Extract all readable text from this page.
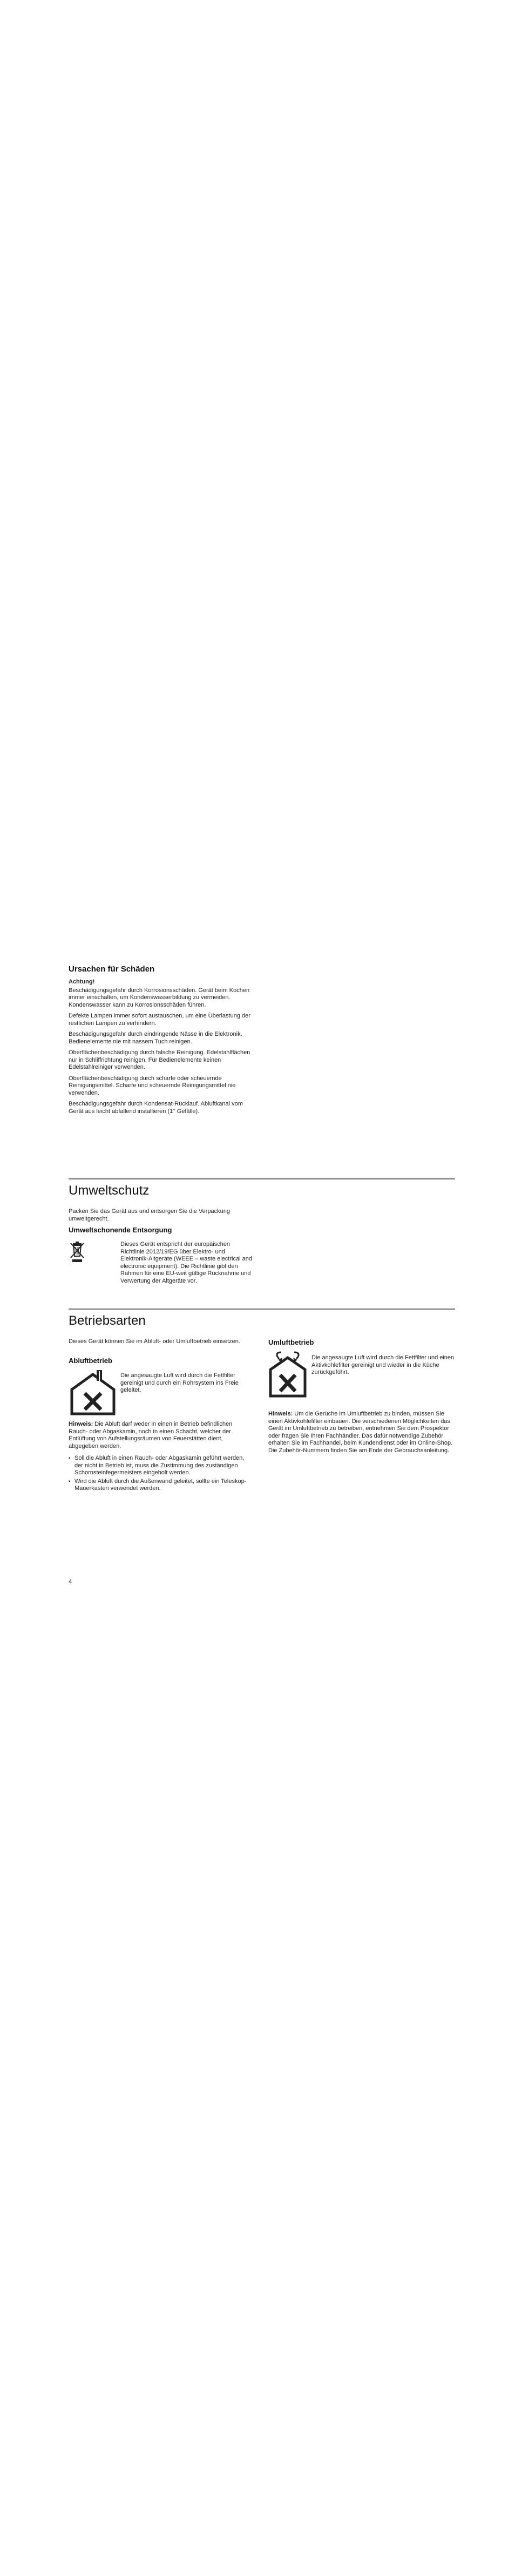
Ursachen für Schäden
Achtung!

Beschädigungsgefahr durch Korrosionsschäden. Gerät beim Kochen immer einschalten, um Kondenswasserbildung zu vermeiden. Kondenswasser kann zu Korrosionsschäden führen.

Defekte Lampen immer sofort austauschen, um eine Überlastung der restlichen Lampen zu verhindern.

Beschädigungsgefahr durch eindringende Nässe in die Elektronik. Bedienelemente nie mit nassem Tuch reinigen.

Oberflächenbeschädigung durch falsche Reinigung. Edelstahlflächen nur in Schliffrichtung reinigen. Für Bedienelemente keinen Edelstahlreiniger verwenden.

Oberflächenbeschädigung durch scharfe oder scheuernde Reinigungsmittel. Scharfe und scheuernde Reinigungsmittel nie verwenden.

Beschädigungsgefahr durch Kondensat-Rücklauf. Abluftkanal vom Gerät aus leicht abfallend installieren (1° Gefälle).

Umweltschutz
Packen Sie das Gerät aus und entsorgen Sie die Verpackung umweltgerecht.
Umweltschonende Entsorgung
Dieses Gerät entspricht der europäischen Richtlinie 2012/19/EG über Elektro- und Elektronik-Altgeräte (WEEE – waste electrical and electronic equipment). Die Richtlinie gibt den Rahmen für eine EU-weit gültige Rücknahme und Verwertung der Altgeräte vor.
Betriebsarten
Dieses Gerät können Sie im Abluft- oder Umluftbetrieb einsetzen.
Abluftbetrieb
Die angesaugte Luft wird durch die Fettfilter gereinigt und durch ein Rohrsystem ins Freie geleitet.
Hinweis: Die Abluft darf weder in einen in Betrieb befindlichen Rauch- oder Abgaskamin, noch in einen Schacht, welcher der Entlüftung von Aufstellungsräumen von Feuerstätten dient, abgegeben werden.
▪ Soll die Abluft in einen Rauch- oder Abgaskamin geführt werden, der nicht in Betrieb ist, muss die Zustimmung des zuständigen Schornsteinfegermeisters eingeholt werden.
▪ Wird die Abluft durch die Außenwand geleitet, sollte ein Teleskop-Mauerkasten verwendet werden.
Umluftbetrieb
Die angesaugte Luft wird durch die Fettfilter und einen Aktivkohlefilter gereinigt und wieder in die Küche zurückgeführt.
Hinweis: Um die Gerüche im Umluftbetrieb zu binden, müssen Sie einen Aktivkohlefilter einbauen. Die verschiedenen Möglichkeiten das Gerät im Umluftbetrieb zu betreiben, entnehmen Sie dem Prospektor oder fragen Sie Ihren Fachhändler. Das dafür notwendige Zubehör erhalten Sie im Fachhandel, beim Kundendienst oder im Online-Shop. Die Zubehör-Nummern finden Sie am Ende der Gebrauchsanleitung.
4
